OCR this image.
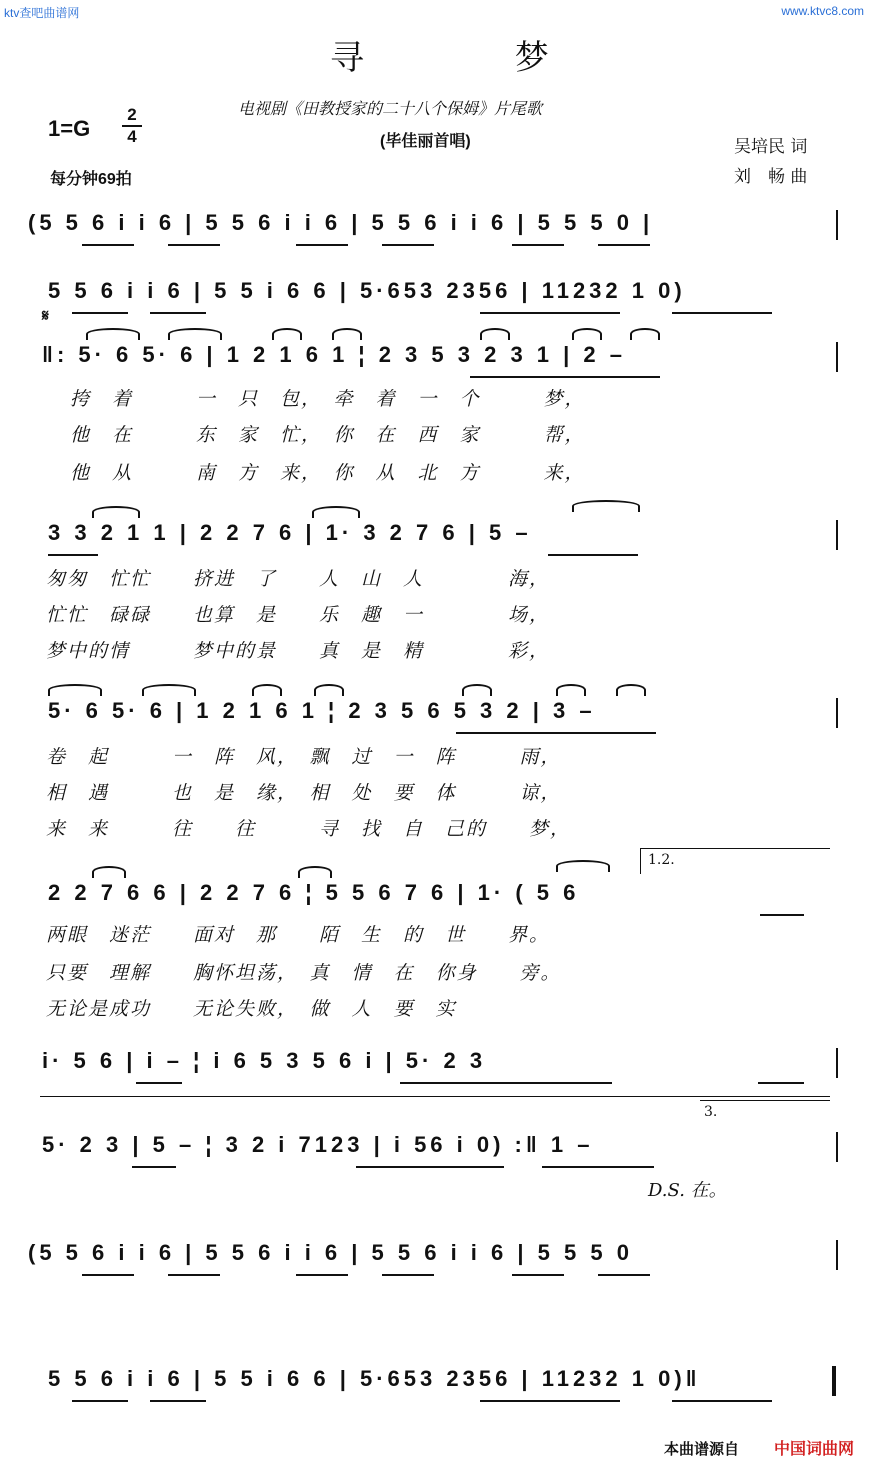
ktv查吧曲谱网	www.ktvc8.com
寻 梦
电视剧《田教授家的二十八个保姆》片尾歌
(毕佳丽首唱)
1=G
2
4
每分钟69拍
吴培民 词
刘　畅 曲
(5 5 6 i i 6 | 5 5 6 i i 6 | 5 5 6 i i 6 | 5 5 5 0 |
5 5 6 i i 6 | 5 5 i 6 6 | 5·653 2356 | 11232 1 0)
𝄋
‖: 5· 6 5· 6 | 1 2 1 6 1 ¦ 2 3 5 3 2 3 1 | 2 –
挎　着　　　一　只　包，　牵　着　一　个　　　梦，
他　在　　　东　家　忙，　你　在　西　家　　　帮，
他　从　　　南　方　来，　你　从　北　方　　　来，
3 3 2 1 1 | 2 2 7 6 | 1· 3 2 7 6 | 5 –
匆匆　忙忙　　挤进　了　　人　山　人　　　　海，
忙忙　碌碌　　也算　是　　乐　趣　一　　　　场，
梦中的情　　　梦中的景　　真　是　精　　　　彩，
5· 6 5· 6 | 1 2 1 6 1 ¦ 2 3 5 6 5 3 2 | 3 –
卷　起　　　一　阵　风，　飘　过　一　阵　　　雨，
相　遇　　　也　是　缘，　相　处　要　体　　　谅，
来　来　　　往　　往　　　寻　找　自　己的　　梦，
1.2.
2 2 7 6 6 | 2 2 7 6 ¦ 5 5 6 7 6 | 1· ( 5 6
两眼　迷茫　　面对　那　　陌　生　的　世　　界。
只要　理解　　胸怀坦荡，　真　情　在　你身　　旁。
无论是成功　　无论失败，　做　人　要　实
i· 5 6 | i – ¦ i 6 5 3 5 6 i | 5· 2 3
3.
5· 2 3 | 5 – ¦ 3 2 i 7123 | i 56 i 0) :‖ 1 –
D.S. 在。
(5 5 6 i i 6 | 5 5 6 i i 6 | 5 5 6 i i 6 | 5 5 5 0
5 5 6 i i 6 | 5 5 i 6 6 | 5·653 2356 | 11232 1 0)‖
本曲谱源自 中国词曲网
